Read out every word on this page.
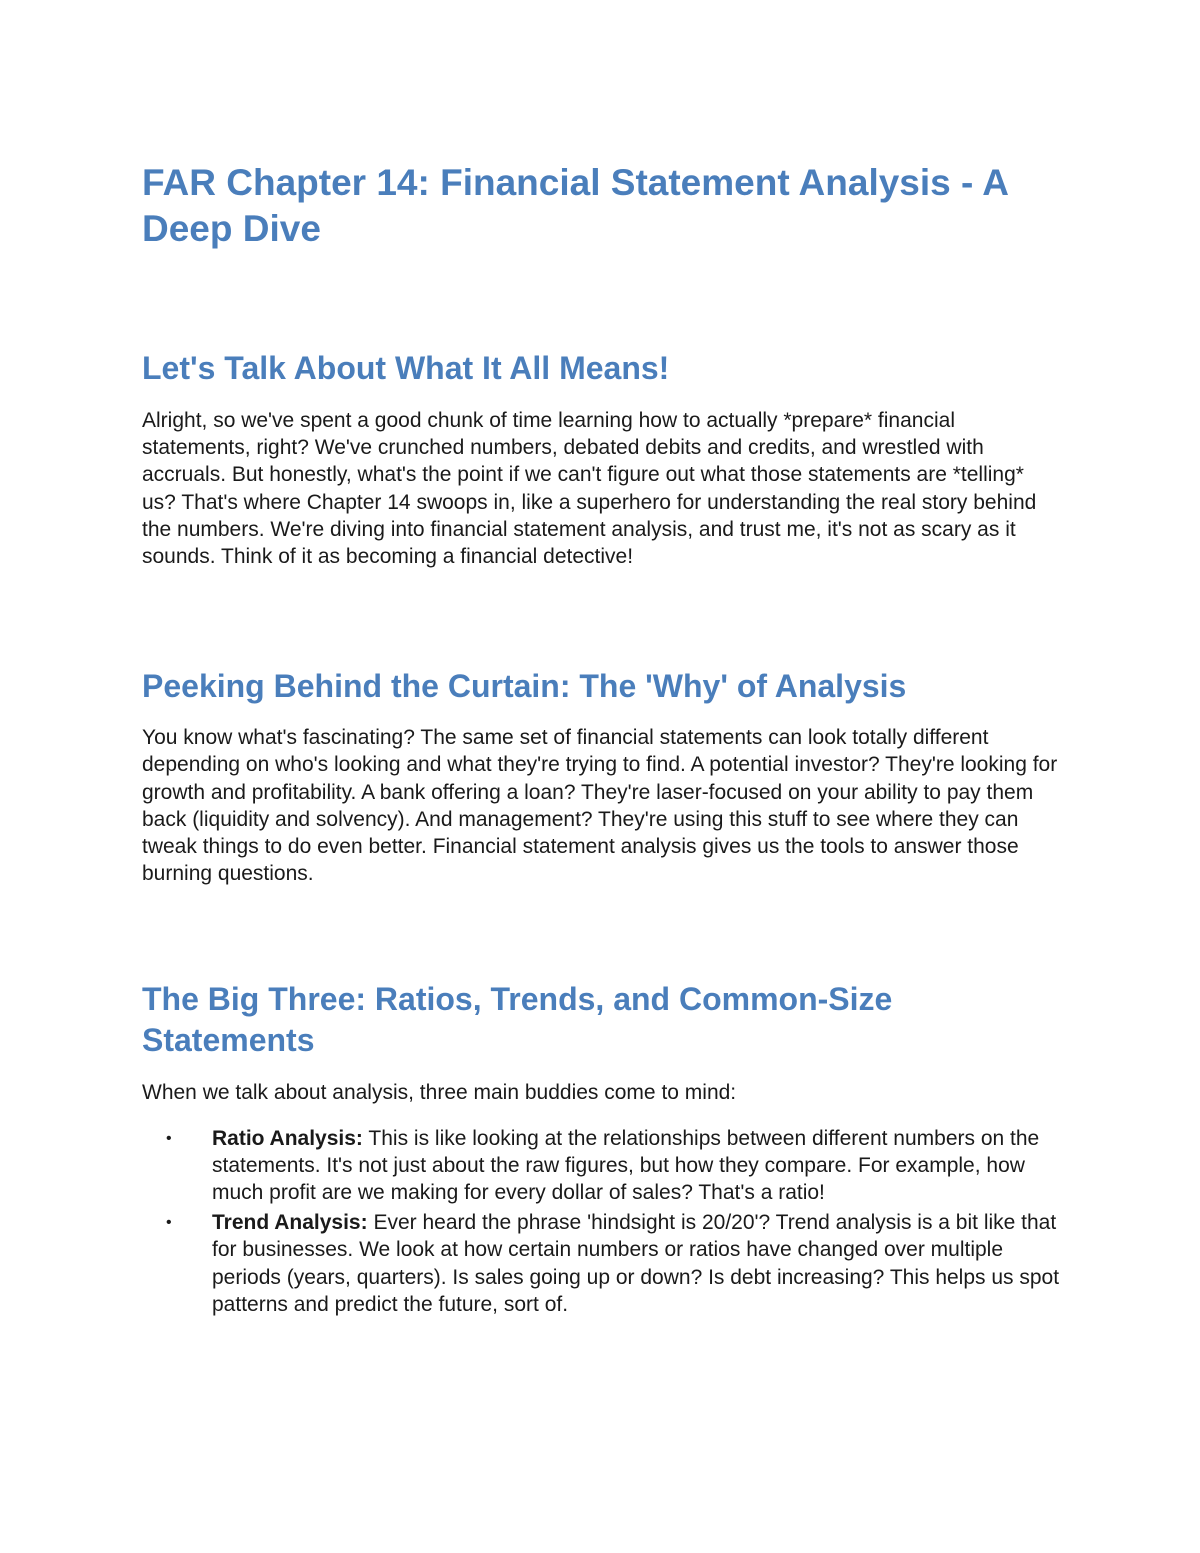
FAR Chapter 14: Financial Statement Analysis - A Deep Dive
Let's Talk About What It All Means!

Alright, so we've spent a good chunk of time learning how to actually *prepare* financial statements, right? We've crunched numbers, debated debits and credits, and wrestled with accruals. But honestly, what's the point if we can't figure out what those statements are *telling* us? That's where Chapter 14 swoops in, like a superhero for understanding the real story behind the numbers. We're diving into financial statement analysis, and trust me, it's not as scary as it sounds. Think of it as becoming a financial detective!

Peeking Behind the Curtain: The 'Why' of Analysis

You know what's fascinating? The same set of financial statements can look totally different depending on who's looking and what they're trying to find. A potential investor? They're looking for growth and profitability. A bank offering a loan? They're laser-focused on your ability to pay them back (liquidity and solvency). And management? They're using this stuff to see where they can tweak things to do even better. Financial statement analysis gives us the tools to answer those burning questions.

The Big Three: Ratios, Trends, and Common-Size Statements

When we talk about analysis, three main buddies come to mind:

• Ratio Analysis: This is like looking at the relationships between different numbers on the statements. It's not just about the raw figures, but how they compare. For example, how much profit are we making for every dollar of sales? That's a ratio!
• Trend Analysis: Ever heard the phrase 'hindsight is 20/20'? Trend analysis is a bit like that for businesses. We look at how certain numbers or ratios have changed over multiple periods (years, quarters). Is sales going up or down? Is debt increasing? This helps us spot patterns and predict the future, sort of.
